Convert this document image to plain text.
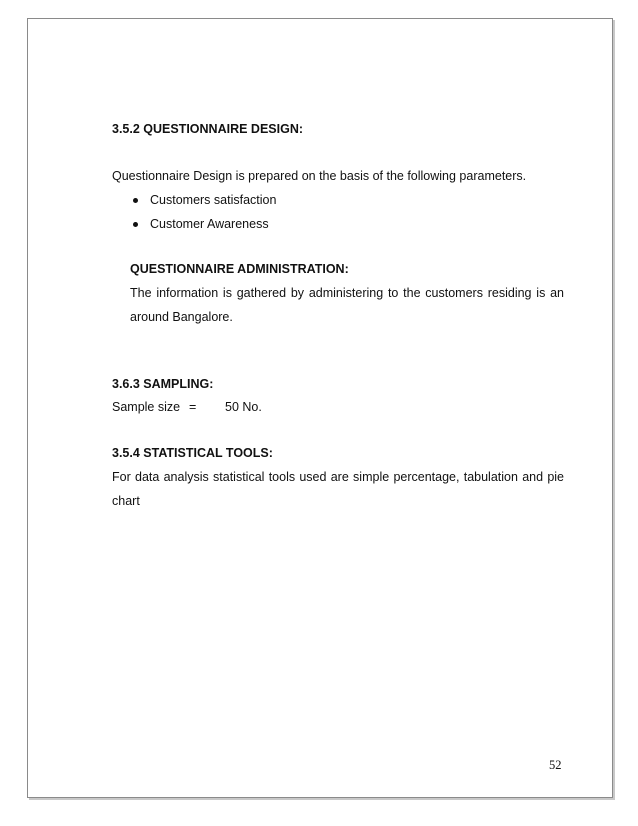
3.5.2 QUESTIONNAIRE DESIGN:
Questionnaire Design is prepared on the basis of the following parameters.
Customers satisfaction
Customer Awareness
QUESTIONNAIRE ADMINISTRATION:
The information is gathered by administering to the customers residing is an
around Bangalore.
3.6.3 SAMPLING:
Sample size = 50 No.
3.5.4 STATISTICAL TOOLS:
For data analysis statistical tools used are simple percentage, tabulation and pie
chart
52
